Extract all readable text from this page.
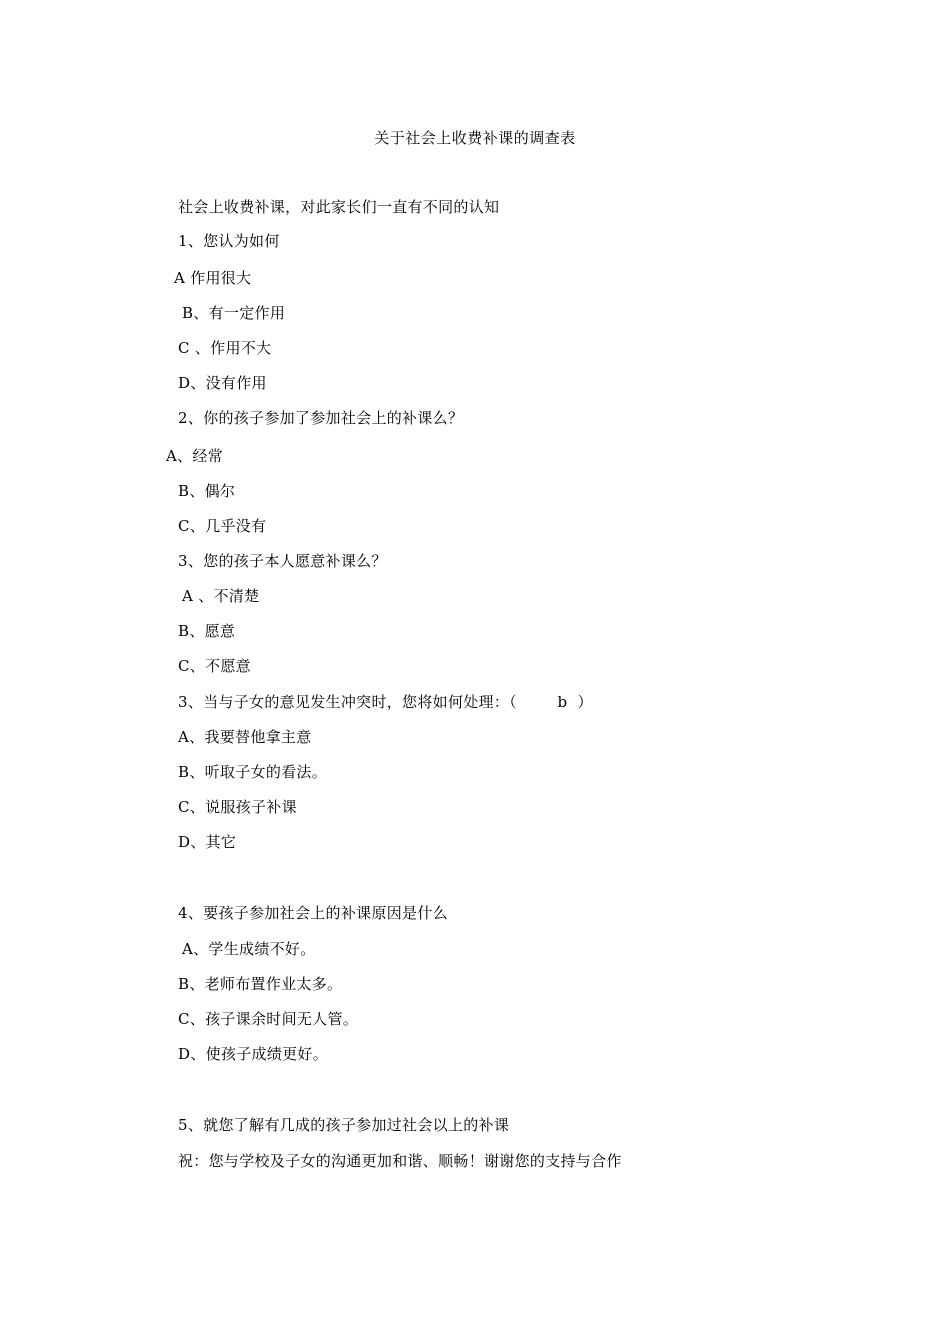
关于社会上收费补课的调查表
社会上收费补课，对此家长们一直有不同的认知
1、您认为如何
A 作用很大
B、有一定作用
C 、作用不大
D、没有作用
2、你的孩子参加了参加社会上的补课么？
A、经常
B、偶尔
C、几乎没有
3、您的孩子本人愿意补课么？
A 、不清楚
B、愿意
C、不愿意
3、当与子女的意见发生冲突时，您将如何处理：（        b  ）
A、我要替他拿主意
B、听取子女的看法。
C、说服孩子补课
D、其它
4、要孩子参加社会上的补课原因是什么
A、学生成绩不好。
B、老师布置作业太多。
C、孩子课余时间无人管。
D、使孩子成绩更好。
5、就您了解有几成的孩子参加过社会以上的补课
祝：您与学校及子女的沟通更加和谐、顺畅！谢谢您的支持与合作
